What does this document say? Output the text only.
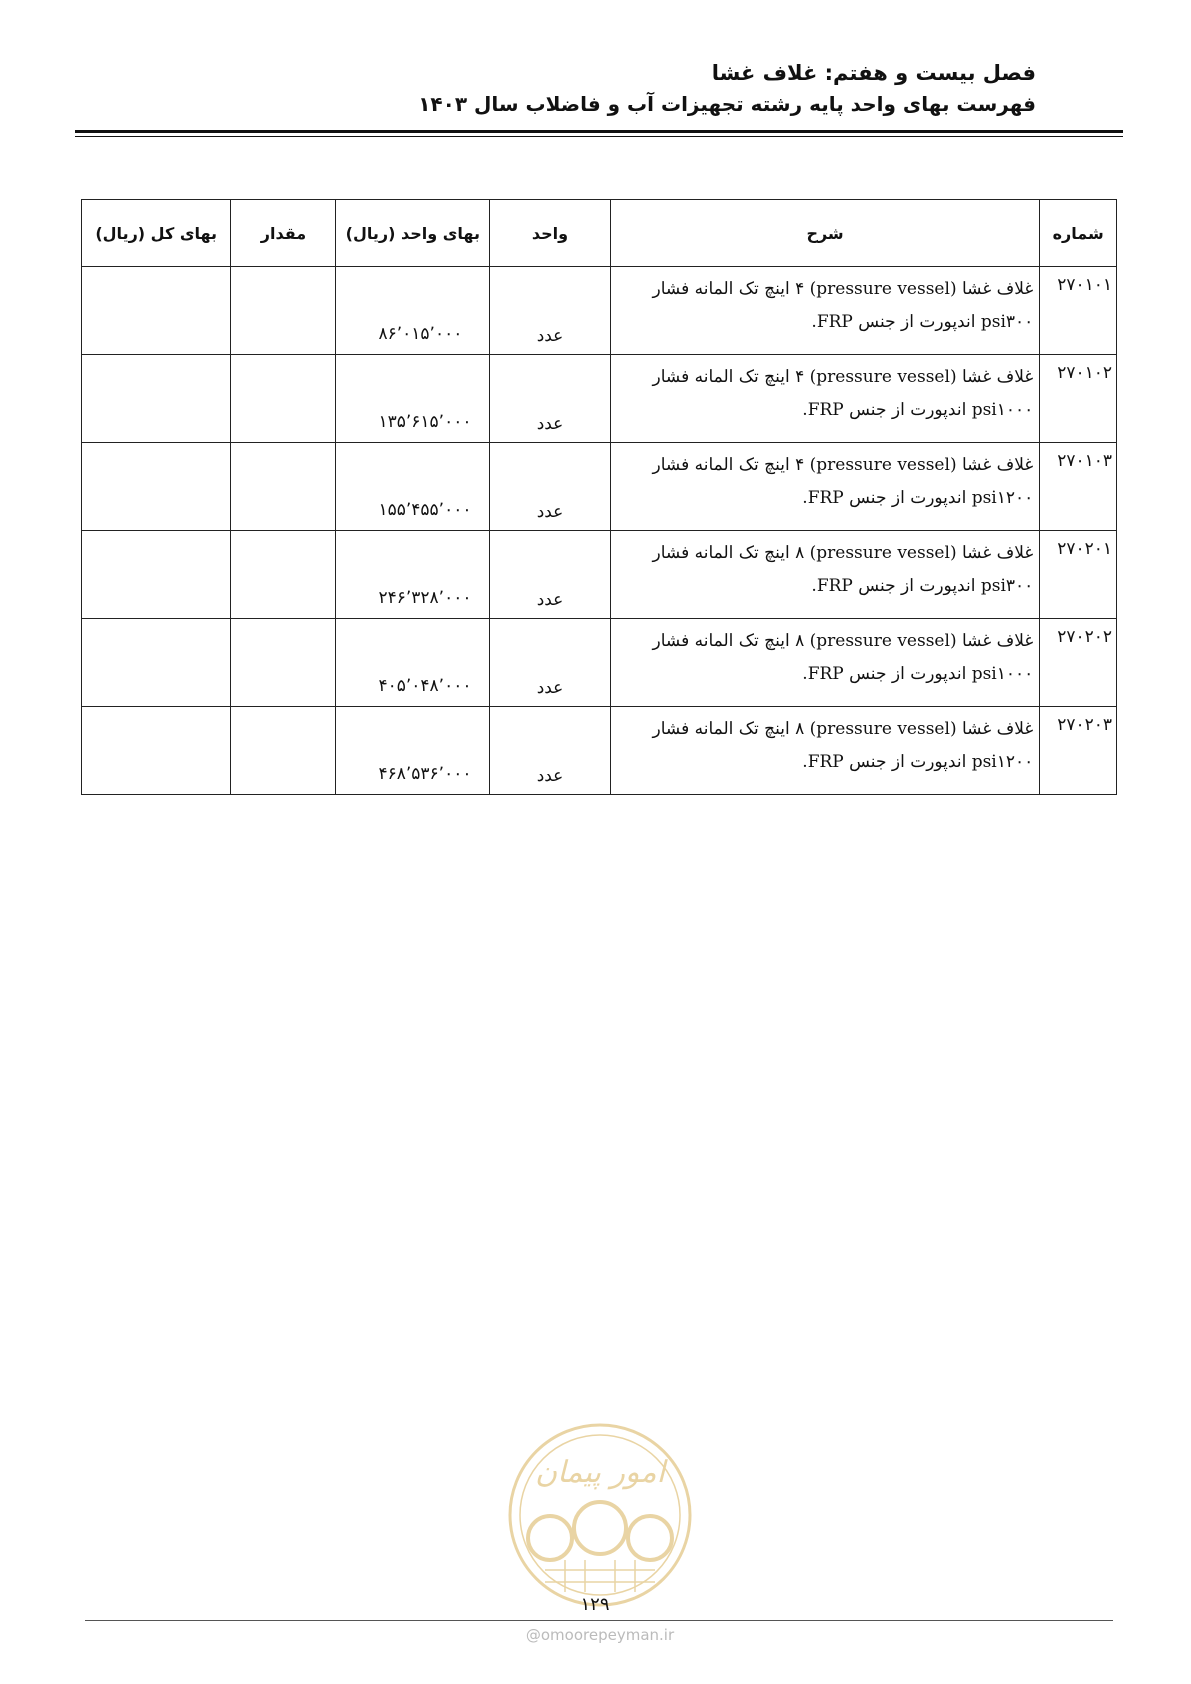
فصل بیست و هفتم: غلاف غشا
فهرست بهای واحد پایه رشته تجهیزات آب و فاضلاب سال ۱۴۰۳
شماره	شرح	واحد	بهای واحد (ریال)	مقدار	بهای کل (ریال)
۲۷۰۱۰۱	غلاف غشا (pressure vessel) ۴ اینچ تک المانه فشار
psi۳۰۰ اندپورت از جنس FRP.	عدد	۸۶٬۰۱۵٬۰۰۰		
۲۷۰۱۰۲	غلاف غشا (pressure vessel) ۴ اینچ تک المانه فشار
psi۱۰۰۰ اندپورت از جنس FRP.	عدد	۱۳۵٬۶۱۵٬۰۰۰		
۲۷۰۱۰۳	غلاف غشا (pressure vessel) ۴ اینچ تک المانه فشار
psi۱۲۰۰ اندپورت از جنس FRP.	عدد	۱۵۵٬۴۵۵٬۰۰۰		
۲۷۰۲۰۱	غلاف غشا (pressure vessel) ۸ اینچ تک المانه فشار
psi۳۰۰ اندپورت از جنس FRP.	عدد	۲۴۶٬۳۲۸٬۰۰۰		
۲۷۰۲۰۲	غلاف غشا (pressure vessel) ۸ اینچ تک المانه فشار
psi۱۰۰۰ اندپورت از جنس FRP.	عدد	۴۰۵٬۰۴۸٬۰۰۰		
۲۷۰۲۰۳	غلاف غشا (pressure vessel) ۸ اینچ تک المانه فشار
psi۱۲۰۰ اندپورت از جنس FRP.	عدد	۴۶۸٬۵۳۶٬۰۰۰		
امور پیمان
۱۲۹
@omoorepeyman.ir
